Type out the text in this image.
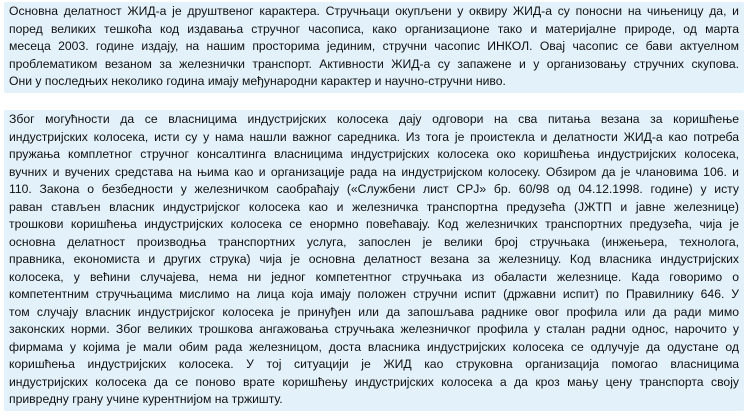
Основна делатност ЖИД-а је друштвеног карактера. Стручњаци окупљени у оквиру ЖИД-а су поносни на чињеницу да, и
поред великих тешкоћа код издавања стручног часописа, како организационе тако и материјалне природе, од марта
месеца 2003. године издају, на нашим просторима јединим, стручни часопис ИНКОЛ. Овај часопис се бави актуелном
проблематиком везаном за железнички транспорт. Активности ЖИД-а су запажене и у организовању стручних скупова.
Они у последњих неколико година имају међународни карактер и научно-стручни ниво.
Због могућности да се власницима индустријских колосека дају одговори на сва питања везана за коришћење
индустријских колосека, исти су у нама нашли важног саредника. Из тога је проистекла и делатности ЖИД-а као потреба
пружања комплетног стручног консалтинга власницима индустријских колосека око коришћења индустријских колосека,
вучних и вучених средстава на њима као и организације рада на индустријском колосеку. Обзиром да је члановима 106. и
110. Закона о безбедности у железничком саобраћају («Службени лист СРЈ» бр. 60/98 од 04.12.1998. године) у исту
раван стављен власник индустријског колосека као и железничка транспортна предузећа (ЈЖТП и јавне железнице)
трошкови коришћења индустријских колосека се енормно повећавају. Код железничких транспортних предузећа, чија је
основна делатност производња транспортних услуга, запослен је велики број стручњака (инжењера, технолога,
правника, економиста и других струка) чија је основна делатност везана за железницу. Код власника индустријских
колосека, у већини случајева, нема ни једног компетентног стручњака из обаласти железнице. Када говоримо о
компетентним стручњацима мислимо на лица која имају положен стручни испит (државни испит) по Правилнику 646. У
том случају власник индустријског колосека је принуђен или да запошљава раднике овог профила или да ради мимо
законских норми. Због великих трошкова ангажовања стручњака железничког профила у сталан радни однос, нарочито у
фирмама у којима је мали обим рада железницом, доста власника индустријских колосека се одлучује да одустане од
коришћења индустријских колосека. У тој ситуацији је ЖИД као струковна организација помогао власницима
индустријских колосека да се поново врате коришћењу индустријских колосека а да кроз мању цену транспорта своју
привредну грану учине курентнијом на тржишту.
